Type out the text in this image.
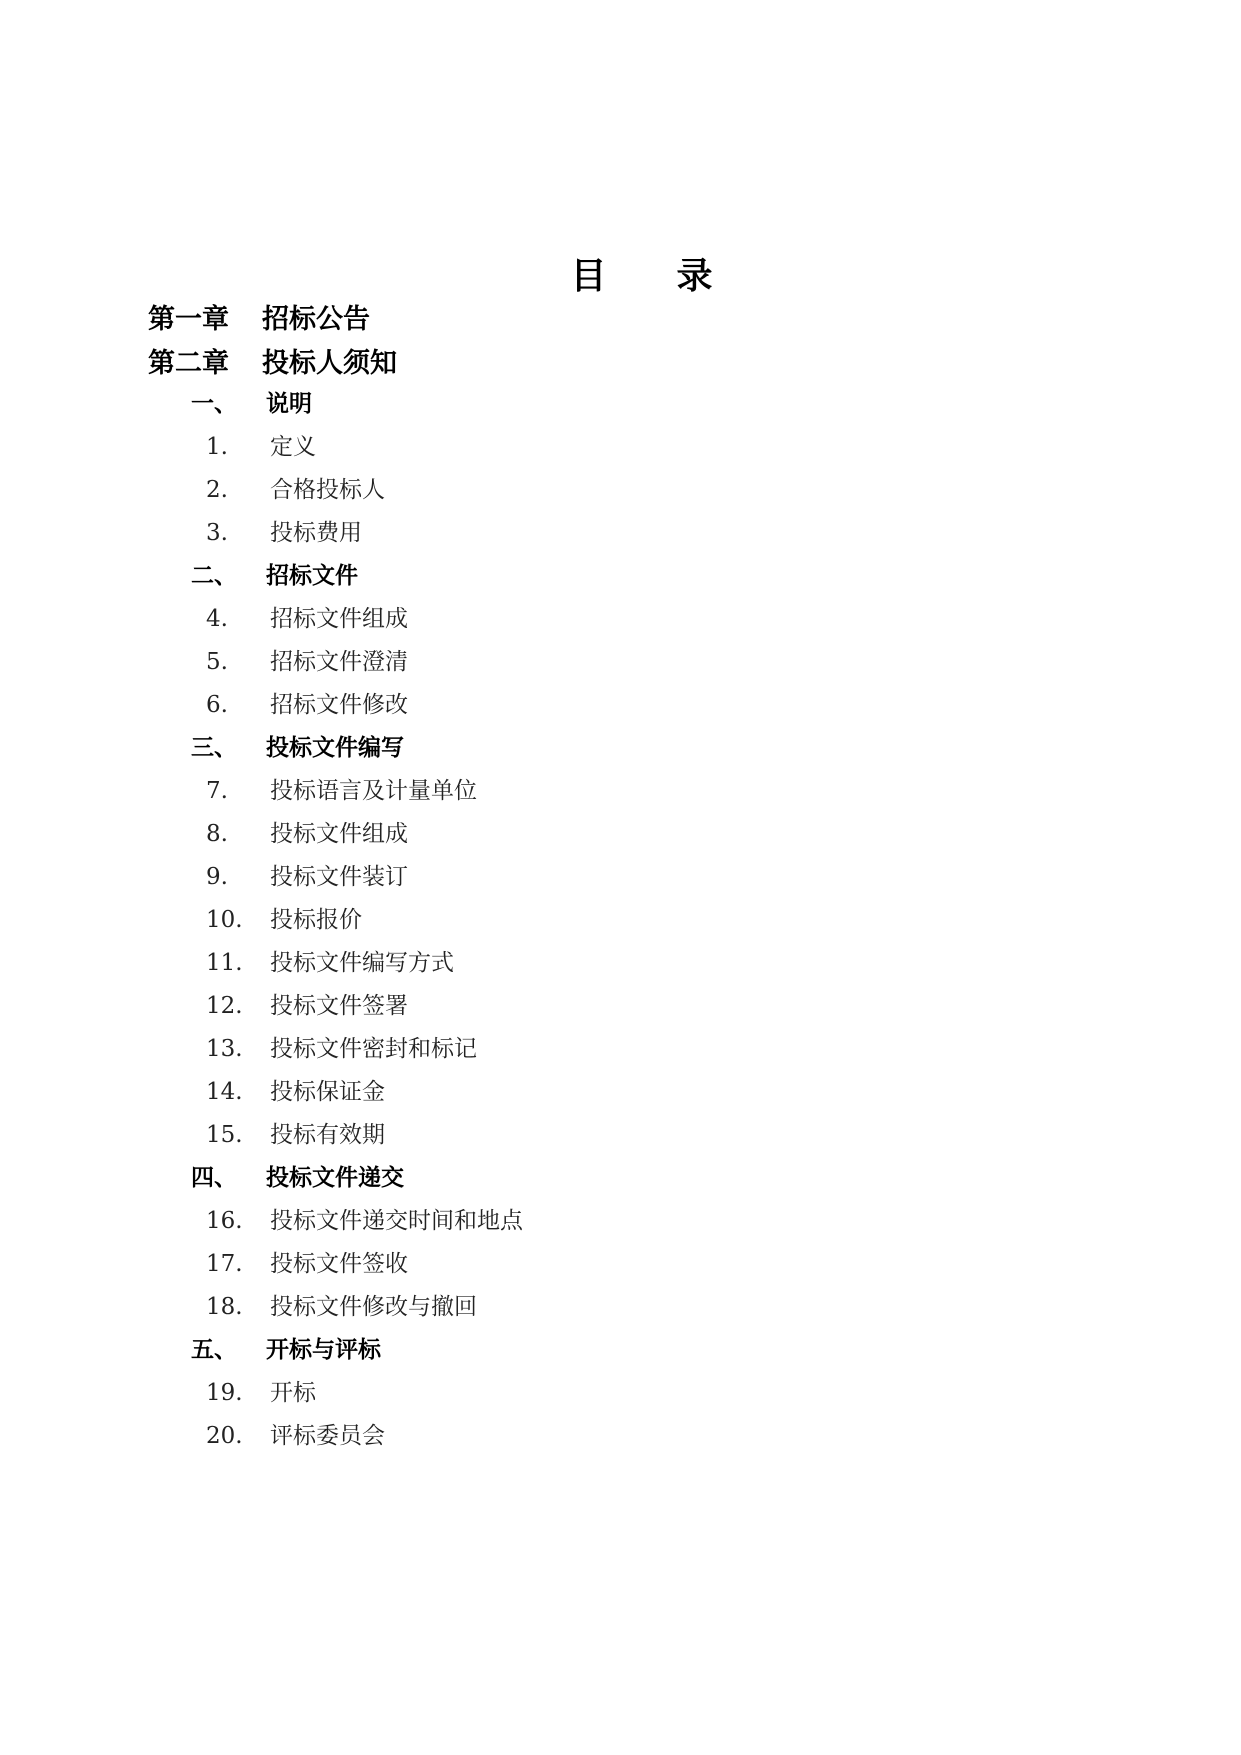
目 录
第一章 招标公告
第二章 投标人须知
一、 说明
1. 定义
2. 合格投标人
3. 投标费用
二、 招标文件
4. 招标文件组成
5. 招标文件澄清
6. 招标文件修改
三、 投标文件编写
7. 投标语言及计量单位
8. 投标文件组成
9. 投标文件装订
10. 投标报价
11. 投标文件编写方式
12. 投标文件签署
13. 投标文件密封和标记
14. 投标保证金
15. 投标有效期
四、 投标文件递交
16. 投标文件递交时间和地点
17. 投标文件签收
18. 投标文件修改与撤回
五、 开标与评标
19. 开标
20. 评标委员会
